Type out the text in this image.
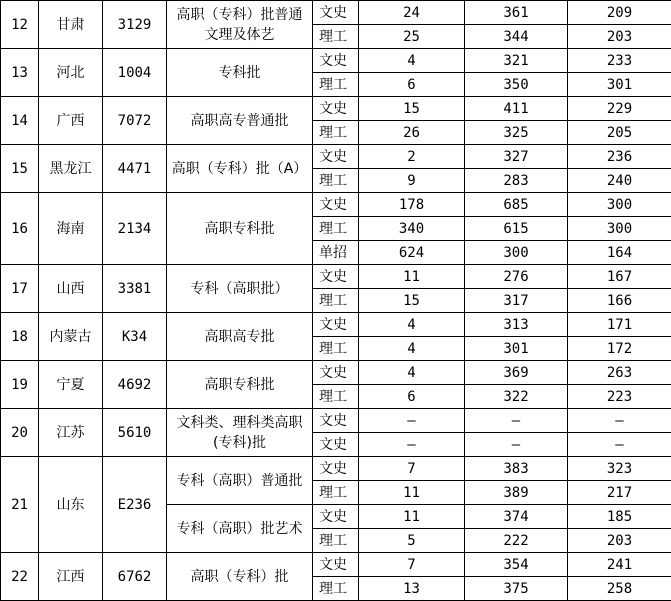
12	甘肃	3129	高职（专科）批普通文理及体艺	文史	24	361	209
				理工	25	344	203
13	河北	1004	专科批	文史	4	321	233
				理工	6	350	301
14	广西	7072	高职高专普通批	文史	15	411	229
				理工	26	325	205
15	黑龙江	4471	高职（专科）批（A）	文史	2	327	236
				理工	9	283	240
16	海南	2134	高职专科批	文史	178	685	300
				理工	340	615	300
				单招	624	300	164
17	山西	3381	专科（高职批）	文史	11	276	167
				理工	15	317	166
18	内蒙古	K34	高职高专批	文史	4	313	171
				理工	4	301	172
19	宁夏	4692	高职专科批	文史	4	369	263
				理工	6	322	223
20	江苏	5610	文科类、理科类高职(专科)批	文史	–	–	–
				文史	–	–	–
21	山东	E236	专科（高职）普通批	文史	7	383	323
				理工	11	389	217
			专科（高职）批艺术	文史	11	374	185
				理工	5	222	203
22	江西	6762	高职（专科）批	文史	7	354	241
				理工	13	375	258
